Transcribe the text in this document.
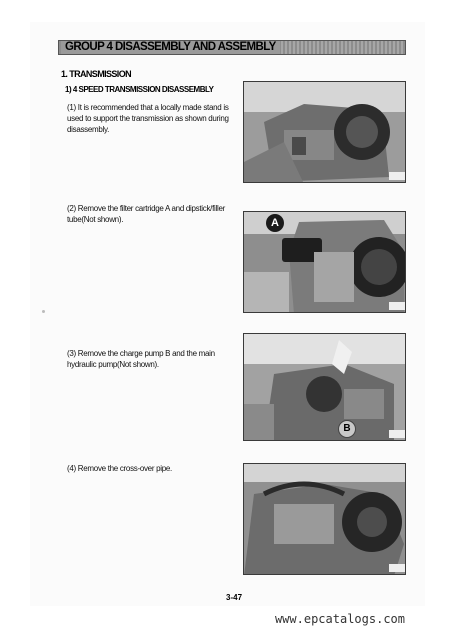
GROUP 4 DISASSEMBLY AND ASSEMBLY
1. TRANSMISSION
1) 4 SPEED TRANSMISSION DISASSEMBLY
(1) It is recommended that a locally made stand is used to support the transmission as shown during disassembly.
(2) Remove the filter cartridge A and dipstick/filler tube(Not shown).	A
(3) Remove the charge pump B and the main hydraulic pump(Not shown).
B
(4) Remove the cross-over pipe.
3-47
www.epcatalogs.com
